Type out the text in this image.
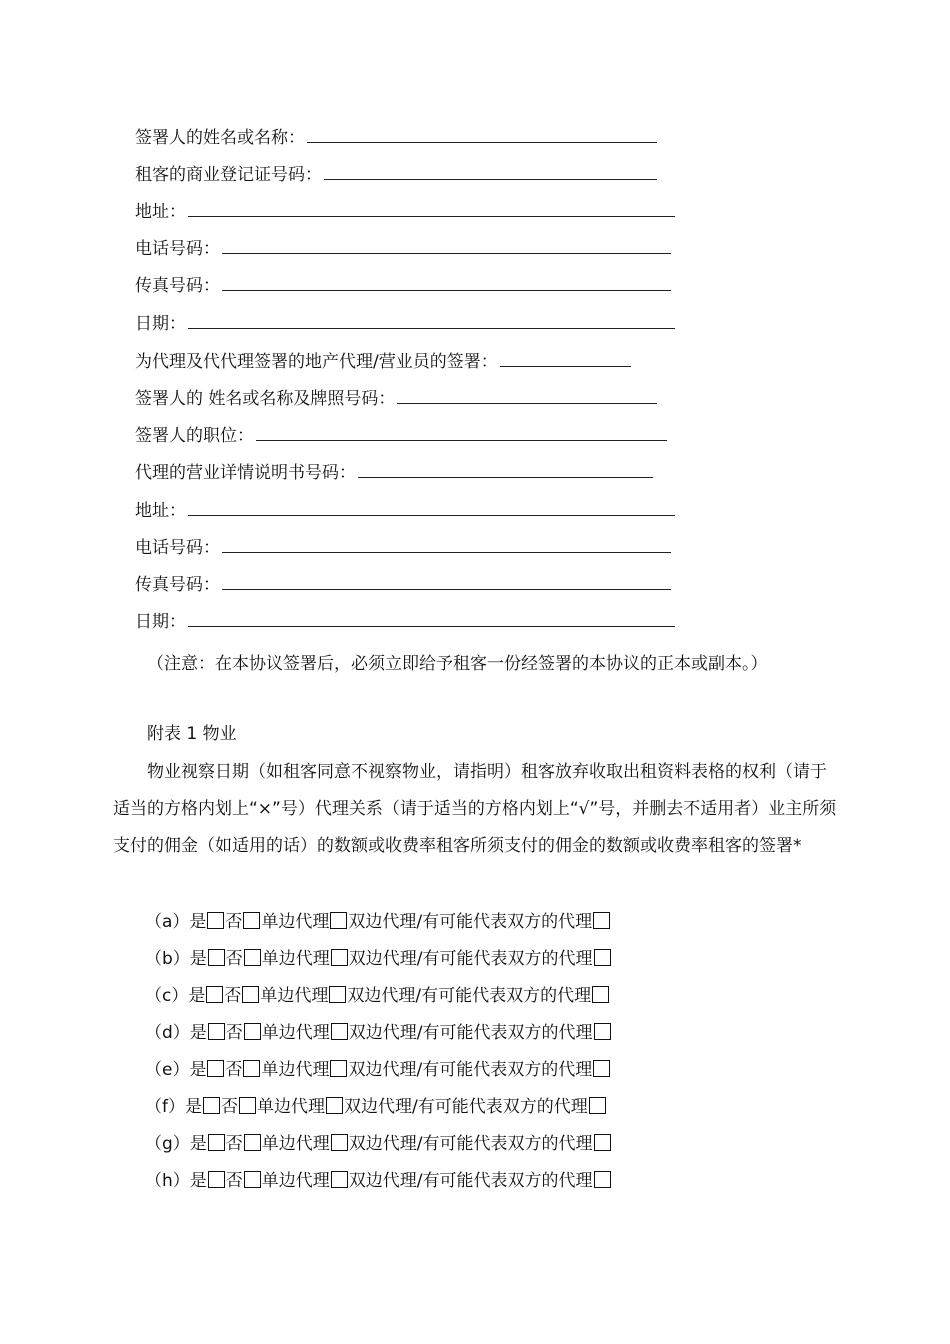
签署人的姓名或名称：
租客的商业登记证号码：
地址：
电话号码：
传真号码：
日期：
为代理及代代理签署的地产代理/营业员的签署：
签署人的 姓名或名称及牌照号码：
签署人的职位：
代理的营业详情说明书号码：
地址：
电话号码：
传真号码：
日期：
（注意：在本协议签署后，必须立即给予租客一份经签署的本协议的正本或副本。）
附表 1 物业
物业视察日期（如租客同意不视察物业，请指明）租客放弃收取出租资料表格的权利（请于适当的方格内划上“×”号）代理关系（请于适当的方格内划上“√”号，并删去不适用者）业主所须支付的佣金（如适用的话）的数额或收费率租客所须支付的佣金的数额或收费率租客的签署*
（a）是 否 单边代理 双边代理/有可能代表双方的代理
（b）是 否 单边代理 双边代理/有可能代表双方的代理
（c）是 否 单边代理 双边代理/有可能代表双方的代理
（d）是 否 单边代理 双边代理/有可能代表双方的代理
（e）是 否 单边代理 双边代理/有可能代表双方的代理
（f）是 否 单边代理 双边代理/有可能代表双方的代理
（g）是 否 单边代理 双边代理/有可能代表双方的代理
（h）是 否 单边代理 双边代理/有可能代表双方的代理
